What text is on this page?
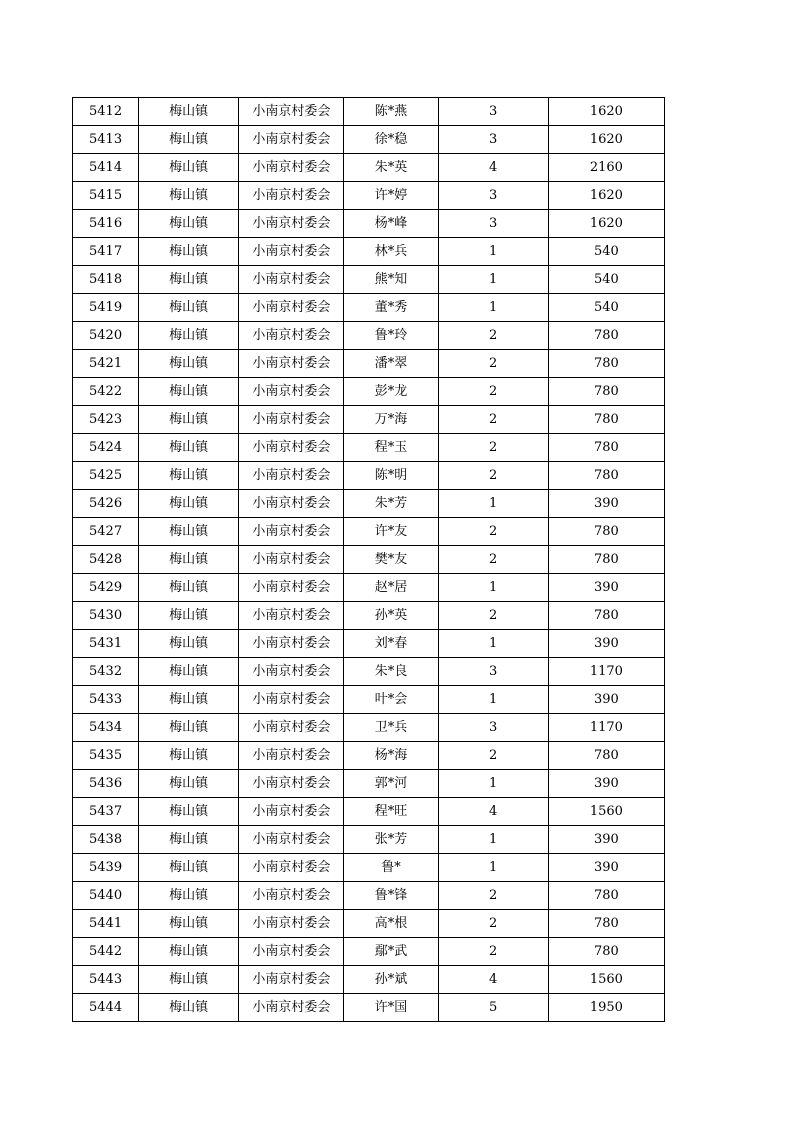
5412	梅山镇	小南京村委会	陈*燕	3	1620
5413	梅山镇	小南京村委会	徐*稳	3	1620
5414	梅山镇	小南京村委会	朱*英	4	2160
5415	梅山镇	小南京村委会	许*婷	3	1620
5416	梅山镇	小南京村委会	杨*峰	3	1620
5417	梅山镇	小南京村委会	林*兵	1	540
5418	梅山镇	小南京村委会	熊*知	1	540
5419	梅山镇	小南京村委会	董*秀	1	540
5420	梅山镇	小南京村委会	鲁*玲	2	780
5421	梅山镇	小南京村委会	潘*翠	2	780
5422	梅山镇	小南京村委会	彭*龙	2	780
5423	梅山镇	小南京村委会	万*海	2	780
5424	梅山镇	小南京村委会	程*玉	2	780
5425	梅山镇	小南京村委会	陈*明	2	780
5426	梅山镇	小南京村委会	朱*芳	1	390
5427	梅山镇	小南京村委会	许*友	2	780
5428	梅山镇	小南京村委会	樊*友	2	780
5429	梅山镇	小南京村委会	赵*居	1	390
5430	梅山镇	小南京村委会	孙*英	2	780
5431	梅山镇	小南京村委会	刘*春	1	390
5432	梅山镇	小南京村委会	朱*良	3	1170
5433	梅山镇	小南京村委会	叶*会	1	390
5434	梅山镇	小南京村委会	卫*兵	3	1170
5435	梅山镇	小南京村委会	杨*海	2	780
5436	梅山镇	小南京村委会	郭*河	1	390
5437	梅山镇	小南京村委会	程*旺	4	1560
5438	梅山镇	小南京村委会	张*芳	1	390
5439	梅山镇	小南京村委会	鲁*	1	390
5440	梅山镇	小南京村委会	鲁*锋	2	780
5441	梅山镇	小南京村委会	高*根	2	780
5442	梅山镇	小南京村委会	鄢*武	2	780
5443	梅山镇	小南京村委会	孙*斌	4	1560
5444	梅山镇	小南京村委会	许*国	5	1950
